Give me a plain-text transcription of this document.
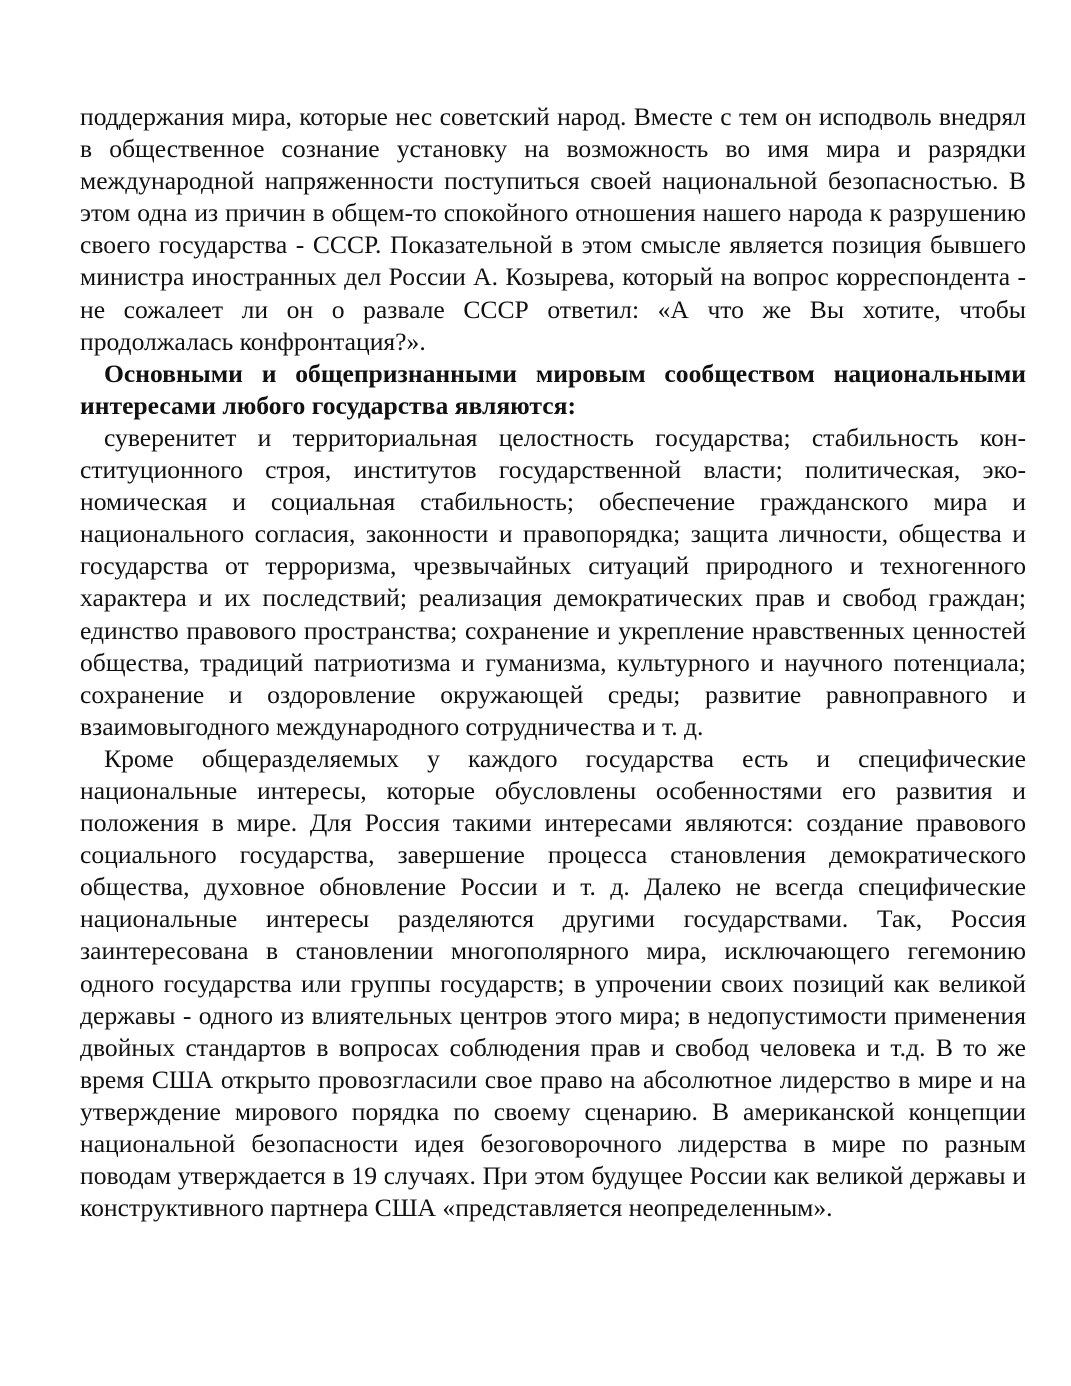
поддержания мира, которые нес советский народ. Вместе с тем он исподволь внедрял в общественное сознание установку на возможность во имя мира и разрядки международной напряженности поступиться своей национальной безопасностью. В этом одна из причин в общем-то спокойного отношения нашего народа к разрушению своего государства - СССР. Показательной в этом смысле является позиция бывшего министра иностранных дел России А. Козырева, который на вопрос корреспондента - не сожалеет ли он о развале СССР ответил: «А что же Вы хотите, чтобы продолжалась конфронтация?».

Основными и общепризнанными мировым сообществом национальными интересами любого государства являются:

суверенитет и территориальная целостность государства; стабильность конституционного строя, институтов государственной власти; политическая, экономическая и социальная стабильность; обеспечение гражданского мира и национального согласия, законности и правопорядка; защита личности, общества и государства от терроризма, чрезвычайных ситуаций природного и техногенного характера и их последствий; реализация демократических прав и свобод граждан; единство правового пространства; сохранение и укрепление нравственных ценностей общества, традиций патриотизма и гуманизма, культурного и научного потенциала; сохранение и оздоровление окружающей среды; развитие равноправного и взаимовыгодного международного сотрудничества и т. д.

Кроме общеразделяемых у каждого государства есть и специфические национальные интересы, которые обусловлены особенностями его развития и положения в мире. Для Россия такими интересами являются: создание правового социального государства, завершение процесса становления демократического общества, духовное обновление России и т. д. Далеко не всегда специфические национальные интересы разделяются другими государствами. Так, Россия заинтересована в становлении многополярного мира, исключающего гегемонию одного государства или группы государств; в упрочении своих позиций как великой державы - одного из влиятельных центров этого мира; в недопустимости применения двойных стандартов в вопросах соблюдения прав и свобод человека и т.д. В то же время США открыто провозгласили свое право на абсолютное лидерство в мире и на утверждение мирового порядка по своему сценарию. В американской концепции национальной безопасности идея безоговорочного лидерства в мире по разным поводам утверждается в 19 случаях. При этом будущее России как великой державы и конструктивного партнера США «представляется неопределенным».
